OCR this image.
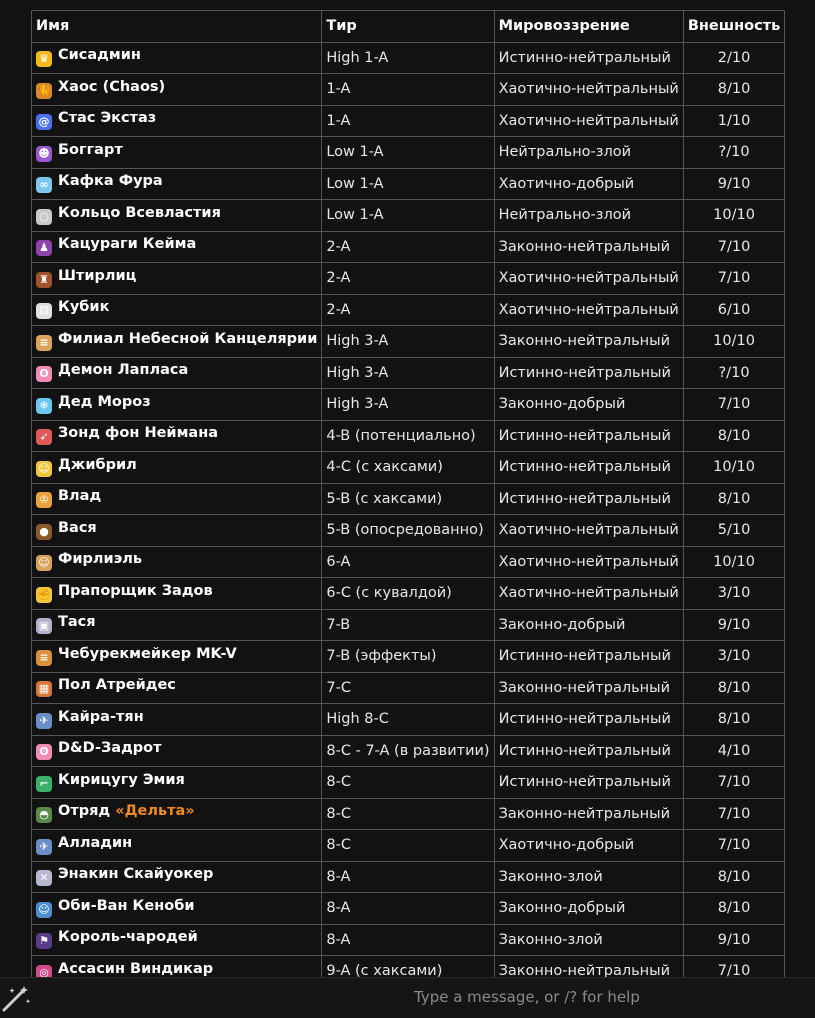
Имя	Тир	Мировоззрение	Внешность
♛ Сисадмин	High 1-A	Истинно-нейтральный	2/10
🐈 Хаос (Chaos)	1-A	Хаотично-нейтральный	8/10
@ Стас Экстаз	1-A	Хаотично-нейтральный	1/10
☻ Боггарт	Low 1-A	Нейтрально-злой	?/10
∞ Кафка Фура	Low 1-A	Хаотично-добрый	9/10
○ Кольцо Всевластия	Low 1-A	Нейтрально-злой	10/10
♟ Кацураги Кейма	2-A	Законно-нейтральный	7/10
♜ Штирлиц	2-A	Хаотично-нейтральный	7/10
⚄ Кубик	2-A	Хаотично-нейтральный	6/10
≡ Филиал Небесной Канцелярии	High 3-A	Законно-нейтральный	10/10
ʘ Демон Лапласа	High 3-A	Истинно-нейтральный	?/10
❄ Дед Мороз	High 3-A	Законно-добрый	7/10
➶ Зонд фон Неймана	4-B (потенциально)	Истинно-нейтральный	8/10
☺ Джибрил	4-C (с хаксами)	Истинно-нейтральный	10/10
♔ Влад	5-B (с хаксами)	Истинно-нейтральный	8/10
● Вася	5-B (опосредованно)	Хаотично-нейтральный	5/10
☺ Фирлиэль	6-A	Хаотично-нейтральный	10/10
✊ Прапорщик Задов	6-C (с кувалдой)	Хаотично-нейтральный	3/10
▣ Тася	7-B	Законно-добрый	9/10
≡ Чебурекмейкер MK-V	7-B (эффекты)	Истинно-нейтральный	3/10
▦ Пол Атрейдес	7-C	Законно-нейтральный	8/10
✈ Кайра-тян	High 8-C	Истинно-нейтральный	8/10
ʘ D&D-Задрот	8-C - 7-A (в развитии)	Истинно-нейтральный	4/10
⌐ Кирицугу Эмия	8-C	Истинно-нейтральный	7/10
◓ Отряд «Дельта»	8-C	Законно-нейтральный	7/10
✈ Алладин	8-C	Хаотично-добрый	7/10
✕ Энакин Скайуокер	8-A	Законно-злой	8/10
☺ Оби-Ван Кеноби	8-A	Законно-добрый	8/10
⚑ Король-чародей	8-A	Законно-злой	9/10
◎ Ассасин Виндикар	9-A (с хаксами)	Законно-нейтральный	7/10
Type a message, or /? for help
